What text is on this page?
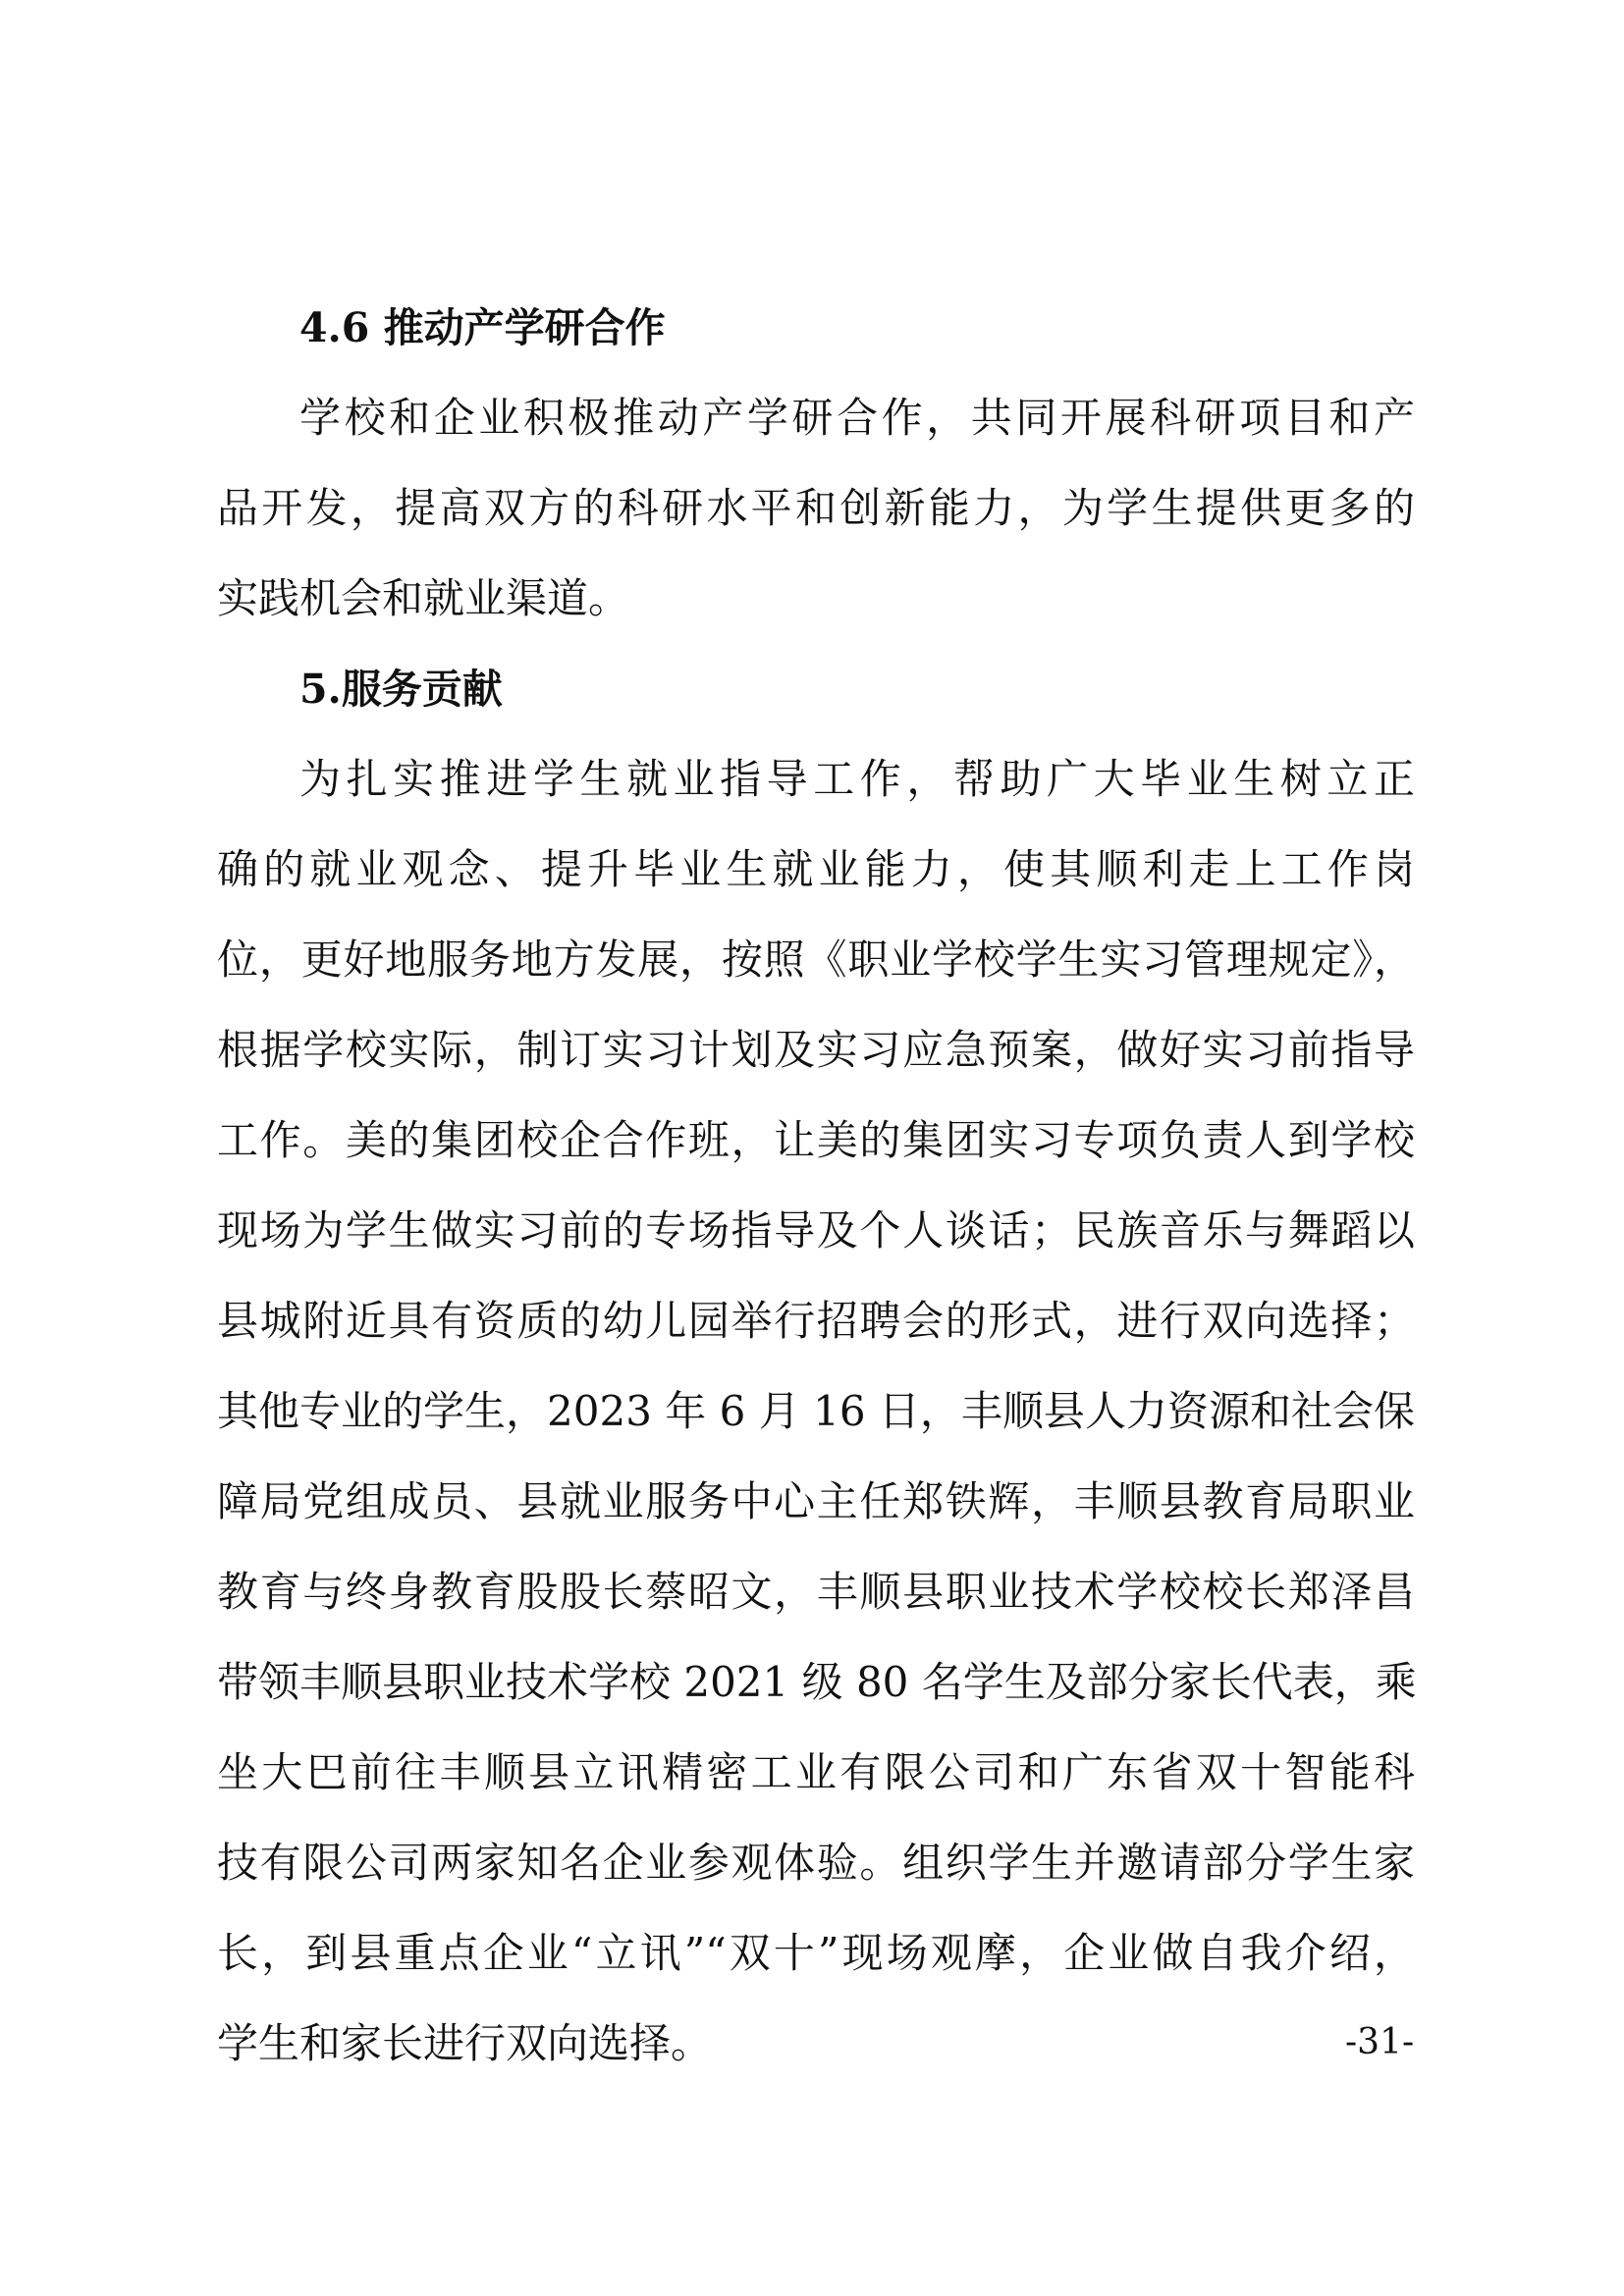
4.6 推动产学研合作
学校和企业积极推动产学研合作，共同开展科研项目和产
品开发，提高双方的科研水平和创新能力，为学生提供更多的
实践机会和就业渠道。
5.服务贡献
为扎实推进学生就业指导工作，帮助广大毕业生树立正
确的就业观念、提升毕业生就业能力，使其顺利走上工作岗
位，更好地服务地方发展，按照《职业学校学生实习管理规定》，
根据学校实际，制订实习计划及实习应急预案，做好实习前指导
工作。美的集团校企合作班，让美的集团实习专项负责人到学校
现场为学生做实习前的专场指导及个人谈话；民族音乐与舞蹈以
县城附近具有资质的幼儿园举行招聘会的形式，进行双向选择；
其他专业的学生，2023 年 6 月 16 日，丰顺县人力资源和社会保
障局党组成员、县就业服务中心主任郑铁辉，丰顺县教育局职业
教育与终身教育股股长蔡昭文，丰顺县职业技术学校校长郑泽昌
带领丰顺县职业技术学校 2021 级 80 名学生及部分家长代表，乘
坐大巴前往丰顺县立讯精密工业有限公司和广东省双十智能科
技有限公司两家知名企业参观体验。组织学生并邀请部分学生家
长，到县重点企业“立讯”“双十”现场观摩，企业做自我介绍，
学生和家长进行双向选择。	-31-
